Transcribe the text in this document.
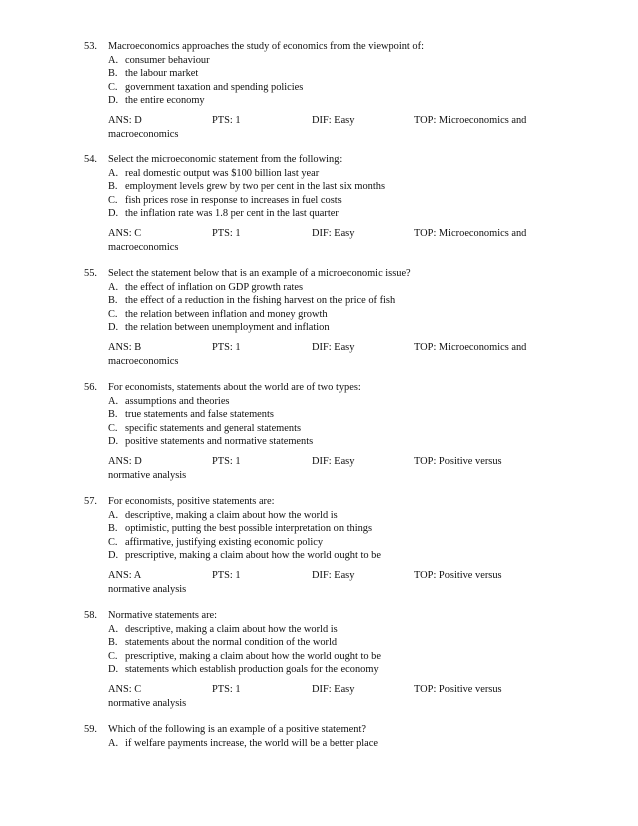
53.	Macroeconomics approaches the study of economics from the viewpoint of:
A. consumer behaviour
B. the labour market
C. government taxation and spending policies
D. the entire economy
ANS: D	PTS: 1	DIF: Easy	TOP: Microeconomics and
macroeconomics
54.	Select the microeconomic statement from the following:
A. real domestic output was $100 billion last year
B. employment levels grew by two per cent in the last six months
C. fish prices rose in response to increases in fuel costs
D. the inflation rate was 1.8 per cent in the last quarter
ANS: C	PTS: 1	DIF: Easy	TOP: Microeconomics and
macroeconomics
55.	Select the statement below that is an example of a microeconomic issue?
A. the effect of inflation on GDP growth rates
B. the effect of a reduction in the fishing harvest on the price of fish
C. the relation between inflation and money growth
D. the relation between unemployment and inflation
ANS: B	PTS: 1	DIF: Easy	TOP: Microeconomics and
macroeconomics
56.	For economists, statements about the world are of two types:
A. assumptions and theories
B. true statements and false statements
C. specific statements and general statements
D. positive statements and normative statements
ANS: D	PTS: 1	DIF: Easy	TOP: Positive versus
normative analysis
57.	For economists, positive statements are:
A. descriptive, making a claim about how the world is
B. optimistic, putting the best possible interpretation on things
C. affirmative, justifying existing economic policy
D. prescriptive, making a claim about how the world ought to be
ANS: A	PTS: 1	DIF: Easy	TOP: Positive versus
normative analysis
58.	Normative statements are:
A. descriptive, making a claim about how the world is
B. statements about the normal condition of the world
C. prescriptive, making a claim about how the world ought to be
D. statements which establish production goals for the economy
ANS: C	PTS: 1	DIF: Easy	TOP: Positive versus
normative analysis
59.	Which of the following is an example of a positive statement?
A. if welfare payments increase, the world will be a better place
